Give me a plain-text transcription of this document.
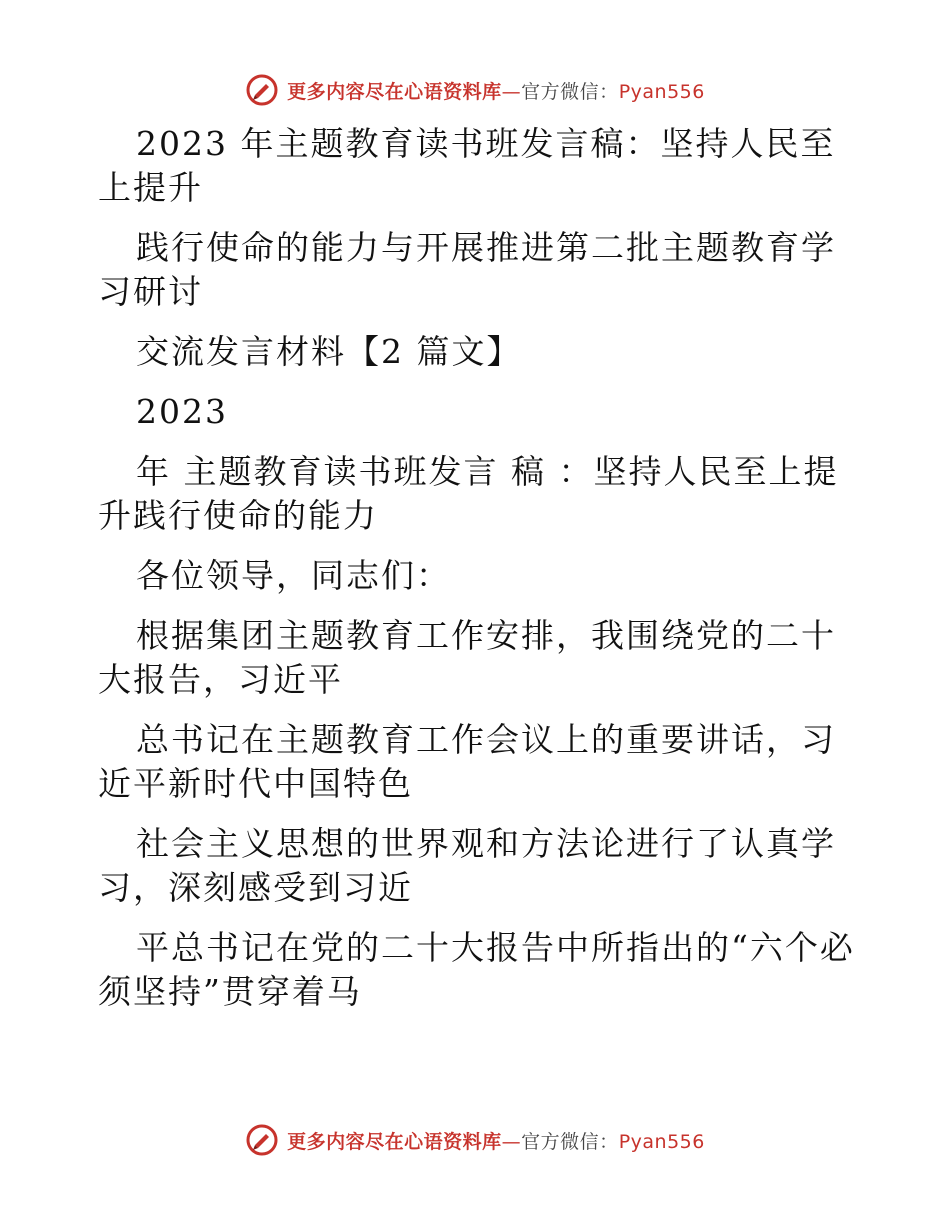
更多内容尽在心语资料库—官方微信：Pyan556

2023 年主题教育读书班发言稿：坚持人民至上提升

践行使命的能力与开展推进第二批主题教育学习研讨

交流发言材料【2 篇文】

2023

年 主题教育读书班发言 稿 ：坚持人民至上提升践行使命的能力

各位领导，同志们：

根据集团主题教育工作安排，我围绕党的二十大报告，习近平

总书记在主题教育工作会议上的重要讲话，习近平新时代中国特色

社会主义思想的世界观和方法论进行了认真学习，深刻感受到习近

平总书记在党的二十大报告中所指出的“六个必须坚持”贯穿着马

更多内容尽在心语资料库—官方微信：Pyan556
